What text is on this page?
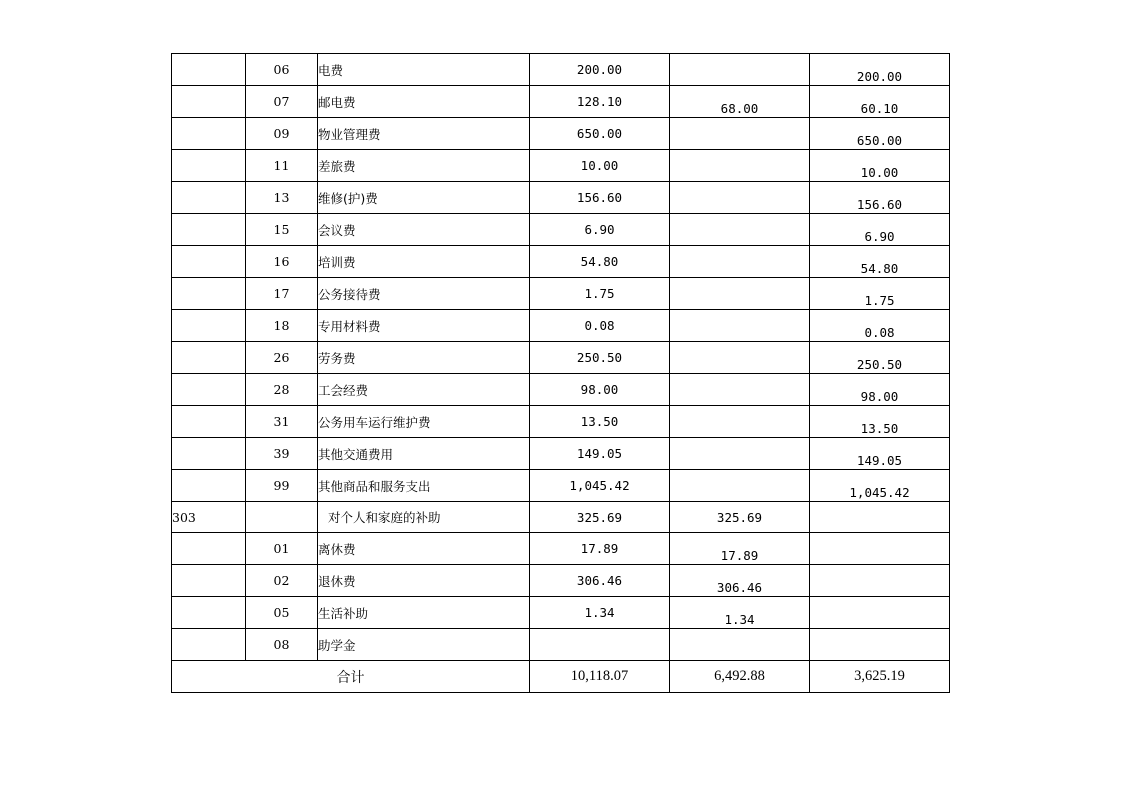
	06	电费	200.00		200.00
	07	邮电费	128.10	68.00	60.10
	09	物业管理费	650.00		650.00
	11	差旅费	10.00		10.00
	13	维修(护)费	156.60		156.60
	15	会议费	6.90		6.90
	16	培训费	54.80		54.80
	17	公务接待费	1.75		1.75
	18	专用材料费	0.08		0.08
	26	劳务费	250.50		250.50
	28	工会经费	98.00		98.00
	31	公务用车运行维护费	13.50		13.50
	39	其他交通费用	149.05		149.05
	99	其他商品和服务支出	1,045.42		1,045.42
303		对个人和家庭的补助	325.69	325.69	
	01	离休费	17.89	17.89	
	02	退休费	306.46	306.46	
	05	生活补助	1.34	1.34	
	08	助学金			
合计			10,118.07	6,492.88	3,625.19
